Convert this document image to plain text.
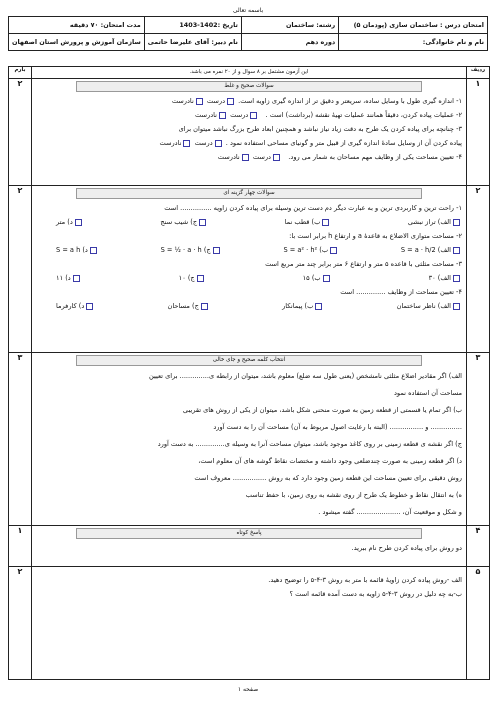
باسمه تعالی
امتحان درس : ساختمان سازی (پودمان ۵)	رشته: ساختمان	تاریخ :1402-1403	مدت امتحان: ۷۰ دقیقه
نام و نام خانوادگی:	دوره دهم	نام دبیر: آقای علیرضا حاتمی	سازمان آموزش و پرورش استان اصفهان
ردیف
این آزمون مشتمل بر ۸ سوال و از ۲۰ نمره می باشد.
بارم
۱
سوالات صحیح و غلط
۱- اندازه گیری طول با وسایل ساده، سریعتر و دقیق تر از اندازه گیری زاویه است. درست نادرست
۲- عملیات پیاده کردن، دقیقاً همانند عملیات تهیهٔ نقشه (برداشت) است .   درست نادرست
۳- چنانچه برای پیاده کردن یک طرح به دقت زیاد نیاز نباشد و همچنین ابعاد طرح بزرگ نباشد میتوان برای
پیاده کردن آن از وسایل سادهٔ اندازه گیری از قبیل متر و گونیای مساحی استفاده نمود . درست نادرست
۴- تعیین مساحت یکی از وظایف مهم مساحان به شمار می رود.   درست نادرست
۲
۲
سوالات چهار گزینه ای
۱- راحت ترین و کاربردی ترین و به عبارت دیگر دم دست ترین وسیله برای پیاده کردن زاویه ............... است
الف) تراز نبشی
ب) قطب نما
ج) شیب سنج
د) متر
۲- مساحت متوازی الاضلاع به قاعدهٔ a و ارتفاع h برابر است با:
الف) S = a · h/2
ب) S = a² · h²
ج) S = ½ · a · h
د) S = a h
۳- مساحت مثلثی با قاعده ۵ متر و ارتفاع ۶ متر برابر چند متر مربع است
الف) ۳۰
ب) ۱۵
ج) ۱۰
د) ۱۱
۴- تعیین مساحت از وظایف .............. است
الف) ناظر ساختمان
ب) پیمانکار
ج) مساحان
د) کارفرما
۲
۳
انتخاب کلمه صحیح و جای خالی
الف) اگر مقادیر اضلاع مثلثی نامشخص (یعنی طول سه ضلع) معلوم باشد، میتوان از رابطه ی.............. برای تعیین
مساحت آن استفاده نمود
ب) اگر تمام یا قسمتی از قطعه زمین به صورت منحنی شکل باشد، میتوان از یکی از روش های تقریبی
............... و ................ (البته با رعایت اصول مربوط به آن) مساحت آن را به دست آورد
ج) اگر نقشه ی قطعه زمینی بر روی کاغذ موجود باشد، میتوان مساحت آنرا به وسیله ی.............. به دست آورد
د) اگر قطعه زمینی به صورت چندضلعی وجود داشته و مختصات نقاط گوشه های آن معلوم است،
روش دقیقی برای تعیین مساحت این قطعه زمین وجود دارد که به روش ................ معروف است
ه) به انتقال نقاط و خطوط یک طرح از روی نقشه به روی زمین، با حفظ تناسب
و شکل و موقعیت آن، ..................... گفته میشود .
۳
۴
پاسخ کوتاه
دو روش برای پیاده کردن طرح نام ببرید.
۱
۵
الف -روش پیاده کردن زاویهٔ قائمه با متر به روش ۳-۴-۵ را توضیح دهید.
ب-به چه دلیل در روش ۳-۴-۵ زاویه به دست آمده قائمه است ؟
۲
صفحه ۱
